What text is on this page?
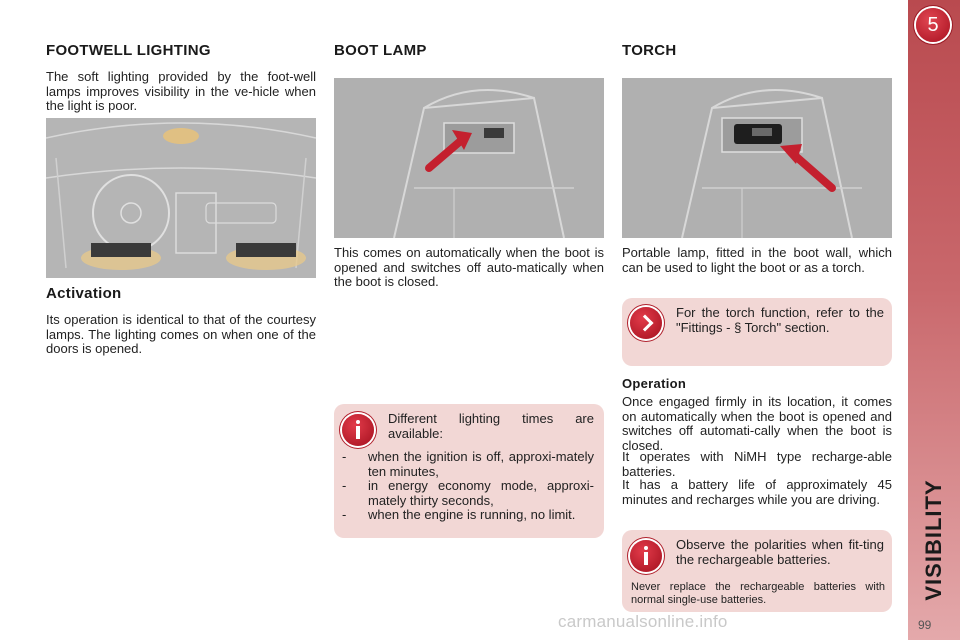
FOOTWELL LIGHTING
The soft lighting provided by the foot-well lamps improves visibility in the ve-hicle when the light is poor.
Activation
Its operation is identical to that of the courtesy lamps. The lighting comes on when one of the doors is opened.
BOOT LAMP
This comes on automatically when the boot is opened and switches off auto-matically when the boot is closed.
Different lighting times are available:
- when the ignition is off, approxi-mately ten minutes,
- in energy economy mode, approxi-mately thirty seconds,
- when the engine is running, no limit.
TORCH
Portable lamp, fitted in the boot wall, which can be used to light the boot or as a torch.
For the torch function, refer to the "Fittings - § Torch" section.
Operation
Once engaged firmly in its location, it comes on automatically when the boot is opened and switches off automati-cally when the boot is closed.
It operates with NiMH type recharge-able batteries.
It has a battery life of approximately 45 minutes and recharges while you are driving.
Observe the polarities when fit-ting the rechargeable batteries.
Never replace the rechargeable batteries with normal single-use batteries.
5
VISIBILITY
99
carmanualsonline.info
